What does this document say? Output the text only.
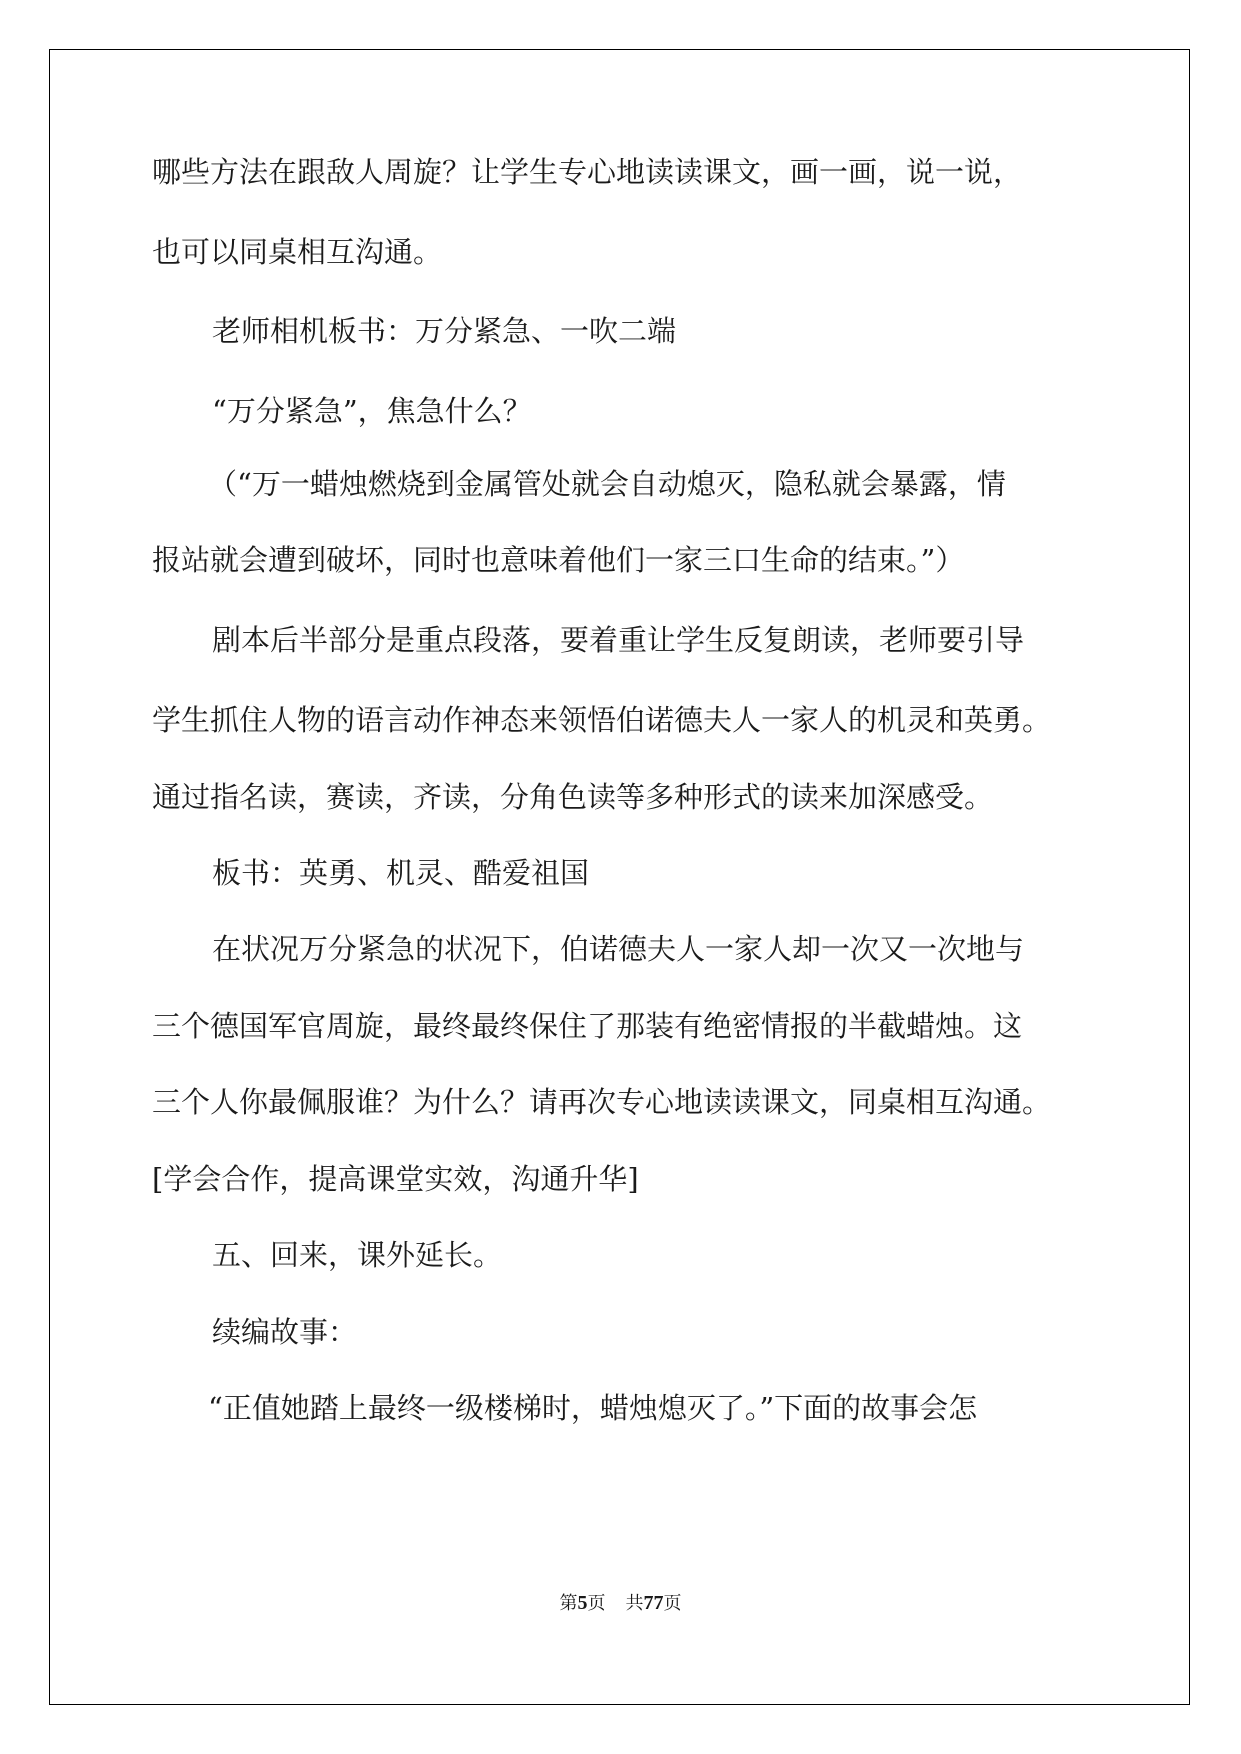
哪些方法在跟敌人周旋？让学生专心地读读课文，画一画，说一说，
也可以同桌相互沟通。
老师相机板书：万分紧急、一吹二端
“万分紧急”，焦急什么？
（“万一蜡烛燃烧到金属管处就会自动熄灭，隐私就会暴露，情
报站就会遭到破坏，同时也意味着他们一家三口生命的结束。”）
剧本后半部分是重点段落，要着重让学生反复朗读，老师要引导
学生抓住人物的语言动作神态来领悟伯诺德夫人一家人的机灵和英勇。
通过指名读，赛读，齐读，分角色读等多种形式的读来加深感受。
板书：英勇、机灵、酷爱祖国
在状况万分紧急的状况下，伯诺德夫人一家人却一次又一次地与
三个德国军官周旋，最终最终保住了那装有绝密情报的半截蜡烛。这
三个人你最佩服谁？为什么？请再次专心地读读课文，同桌相互沟通。
[学会合作，提高课堂实效，沟通升华]
五、回来，课外延长。
续编故事：
“正值她踏上最终一级楼梯时，蜡烛熄灭了。”下面的故事会怎
第5页 共77页
